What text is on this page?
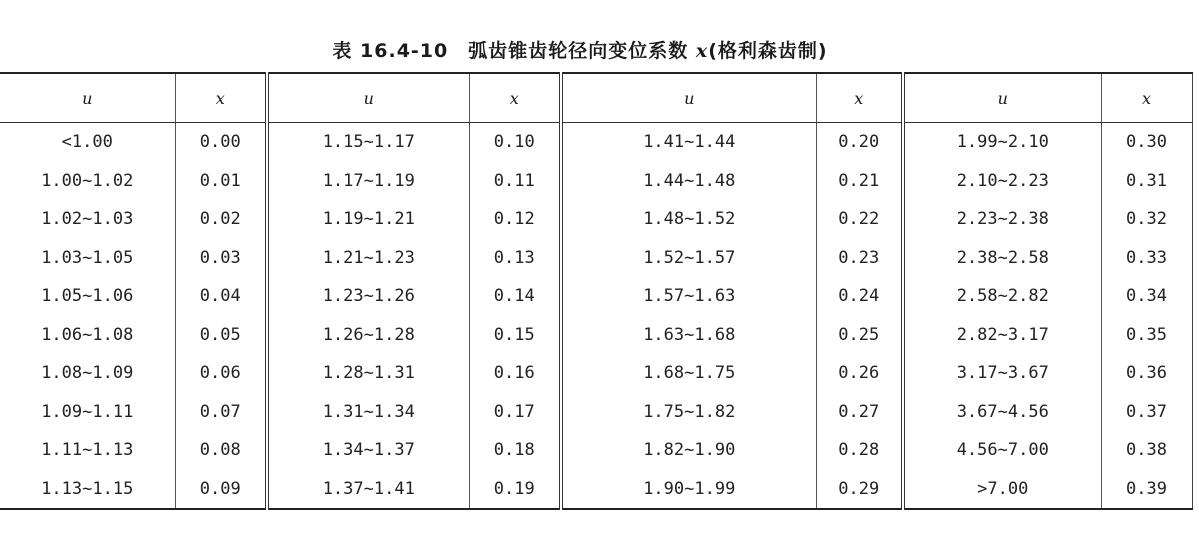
表 16.4-10　弧齿锥齿轮径向变位系数 x(格利森齿制)
u	x	u	x	u	x	u	x
<1.00	0.00	1.15~1.17	0.10	1.41~1.44	0.20	1.99~2.10	0.30
1.00~1.02	0.01	1.17~1.19	0.11	1.44~1.48	0.21	2.10~2.23	0.31
1.02~1.03	0.02	1.19~1.21	0.12	1.48~1.52	0.22	2.23~2.38	0.32
1.03~1.05	0.03	1.21~1.23	0.13	1.52~1.57	0.23	2.38~2.58	0.33
1.05~1.06	0.04	1.23~1.26	0.14	1.57~1.63	0.24	2.58~2.82	0.34
1.06~1.08	0.05	1.26~1.28	0.15	1.63~1.68	0.25	2.82~3.17	0.35
1.08~1.09	0.06	1.28~1.31	0.16	1.68~1.75	0.26	3.17~3.67	0.36
1.09~1.11	0.07	1.31~1.34	0.17	1.75~1.82	0.27	3.67~4.56	0.37
1.11~1.13	0.08	1.34~1.37	0.18	1.82~1.90	0.28	4.56~7.00	0.38
1.13~1.15	0.09	1.37~1.41	0.19	1.90~1.99	0.29	>7.00	0.39
